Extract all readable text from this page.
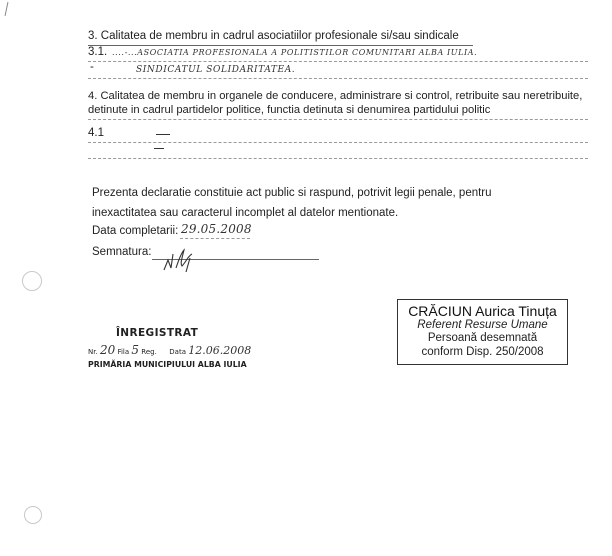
3. Calitatea de membru in cadrul asociatiilor profesionale si/sau sindicale
3.1. ....-...ASOCIATIA PROFESIONALA A POLITISTILOR COMUNITARI ALBA IULIA.
-	SINDICATUL SOLIDARITATEA.
4. Calitatea de membru in organele de conducere, administrare si control, retribuite sau neretribuite,
detinute in cadrul partidelor politice, functia detinuta si denumirea partidului politic
4.1
Prezenta declaratie constituie act public si raspund, potrivit legii penale, pentru
inexactitatea sau caracterul incomplet al datelor mentionate.
Data completarii: 29.05.2008
Semnatura:
ÎNREGISTRAT
Nr. 20 Fila 5 Reg. Data 12.06.2008
PRIMĂRIA MUNICIPIULUI ALBA IULIA
CRĂCIUN Aurica Tinuța
Referent Resurse Umane
Persoană desemnată
conform Disp. 250/2008
